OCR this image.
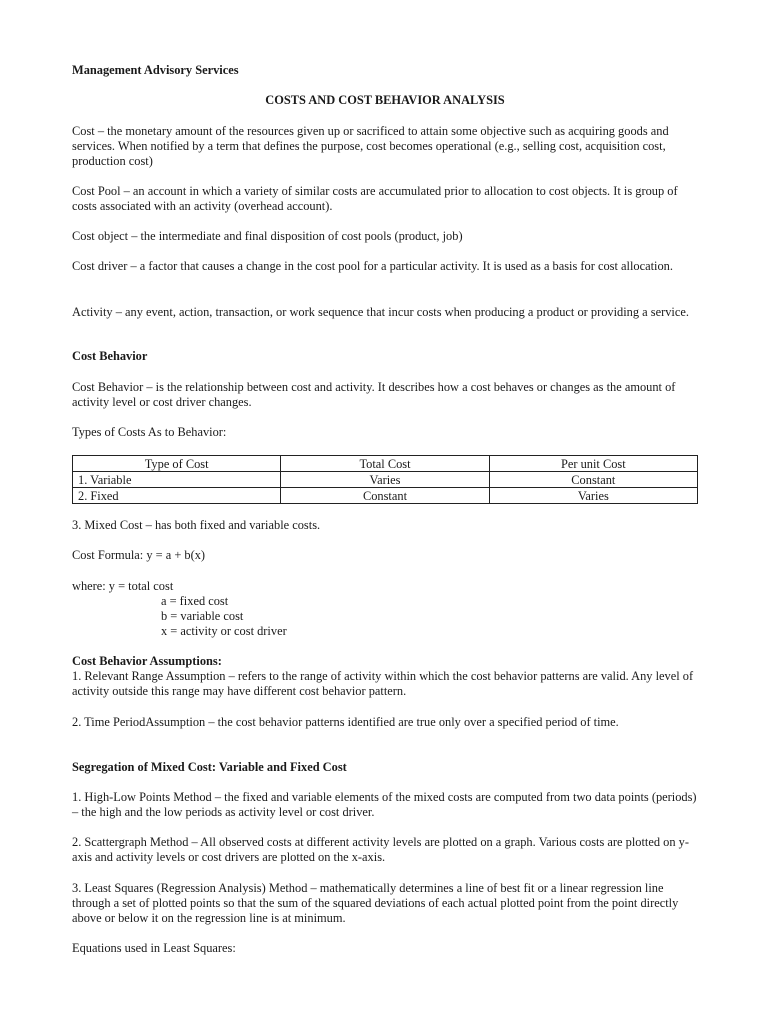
Management Advisory Services

COSTS AND COST BEHAVIOR ANALYSIS

Cost – the monetary amount of the resources given up or sacrificed to attain some objective such as acquiring goods and services. When notified by a term that defines the purpose, cost becomes operational (e.g., selling cost, acquisition cost, production cost)

Cost Pool – an account in which a variety of similar costs are accumulated prior to allocation to cost objects. It is group of costs associated with an activity (overhead account).

Cost object – the intermediate and final disposition of cost pools (product, job)

Cost driver – a factor that causes a change in the cost pool for a particular activity. It is used as a basis for cost allocation.

Activity – any event, action, transaction, or work sequence that incur costs when producing a product or providing a service.

Cost Behavior

Cost Behavior – is the relationship between cost and activity. It describes how a cost behaves or changes as the amount of activity level or cost driver changes.

Types of Costs As to Behavior:

Type of Cost	Total Cost	Per unit Cost
1. Variable	Varies	Constant
2. Fixed	Constant	Varies

3. Mixed Cost – has both fixed and variable costs.

Cost Formula: y = a + b(x)

where: y = total cost

a = fixed cost

b = variable cost

x = activity or cost driver

Cost Behavior Assumptions:

1. Relevant Range Assumption – refers to the range of activity within which the cost behavior patterns are valid. Any level of activity outside this range may have different cost behavior pattern.

2. Time PeriodAssumption – the cost behavior patterns identified are true only over a specified period of time.

Segregation of Mixed Cost: Variable and Fixed Cost

1. High-Low Points Method – the fixed and variable elements of the mixed costs are computed from two data points (periods) – the high and the low periods as activity level or cost driver.

2. Scattergraph Method – All observed costs at different activity levels are plotted on a graph. Various costs are plotted on y-axis and activity levels or cost drivers are plotted on the x-axis.

3. Least Squares (Regression Analysis) Method – mathematically determines a line of best fit or a linear regression line through a set of plotted points so that the sum of the squared deviations of each actual plotted point from the point directly above or below it on the regression line is at minimum.

Equations used in Least Squares:
